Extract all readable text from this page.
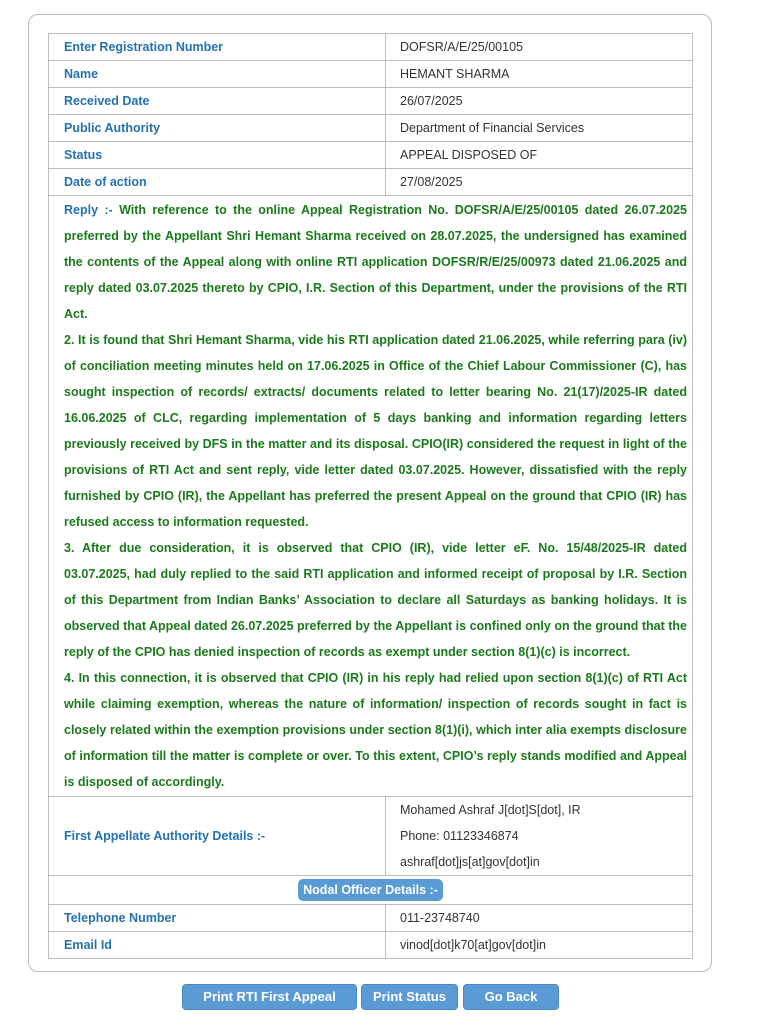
Enter Registration Number	DOFSR/A/E/25/00105
Name	HEMANT SHARMA
Received Date	26/07/2025
Public Authority	Department of Financial Services
Status	APPEAL DISPOSED OF
Date of action	27/08/2025

Reply :- With reference to the online Appeal Registration No. DOFSR/A/E/25/00105 dated 26.07.2025 preferred by the Appellant Shri Hemant Sharma received on 28.07.2025, the undersigned has examined the contents of the Appeal along with online RTI application DOFSR/R/E/25/00973 dated 21.06.2025 and reply dated 03.07.2025 thereto by CPIO, I.R. Section of this Department, under the provisions of the RTI Act.

2. It is found that Shri Hemant Sharma, vide his RTI application dated 21.06.2025, while referring para (iv) of conciliation meeting minutes held on 17.06.2025 in Office of the Chief Labour Commissioner (C), has sought inspection of records/ extracts/ documents related to letter bearing No. 21(17)/2025-IR dated 16.06.2025 of CLC, regarding implementation of 5 days banking and information regarding letters previously received by DFS in the matter and its disposal. CPIO(IR) considered the request in light of the provisions of RTI Act and sent reply, vide letter dated 03.07.2025. However, dissatisfied with the reply furnished by CPIO (IR), the Appellant has preferred the present Appeal on the ground that CPIO (IR) has refused access to information requested.

3. After due consideration, it is observed that CPIO (IR), vide letter eF. No. 15/48/2025-IR dated 03.07.2025, had duly replied to the said RTI application and informed receipt of proposal by I.R. Section of this Department from Indian Banks’ Association to declare all Saturdays as banking holidays. It is observed that Appeal dated 26.07.2025 preferred by the Appellant is confined only on the ground that the reply of the CPIO has denied inspection of records as exempt under section 8(1)(c) is incorrect.

4. In this connection, it is observed that CPIO (IR) in his reply had relied upon section 8(1)(c) of RTI Act while claiming exemption, whereas the nature of information/ inspection of records sought in fact is closely related within the exemption provisions under section 8(1)(i), which inter alia exempts disclosure of information till the matter is complete or over. To this extent, CPIO’s reply stands modified and Appeal is disposed of accordingly.	

First Appellate Authority Details :-	Mohamed Ashraf J[dot]S[dot], IR
Phone: 01123346874
ashraf[dot]js[at]gov[dot]in

Nodal Officer Details :-	
Telephone Number	011-23748740
Email Id	vinod[dot]k70[at]gov[dot]in
Print RTI First Appeal	Print Status	Go Back
